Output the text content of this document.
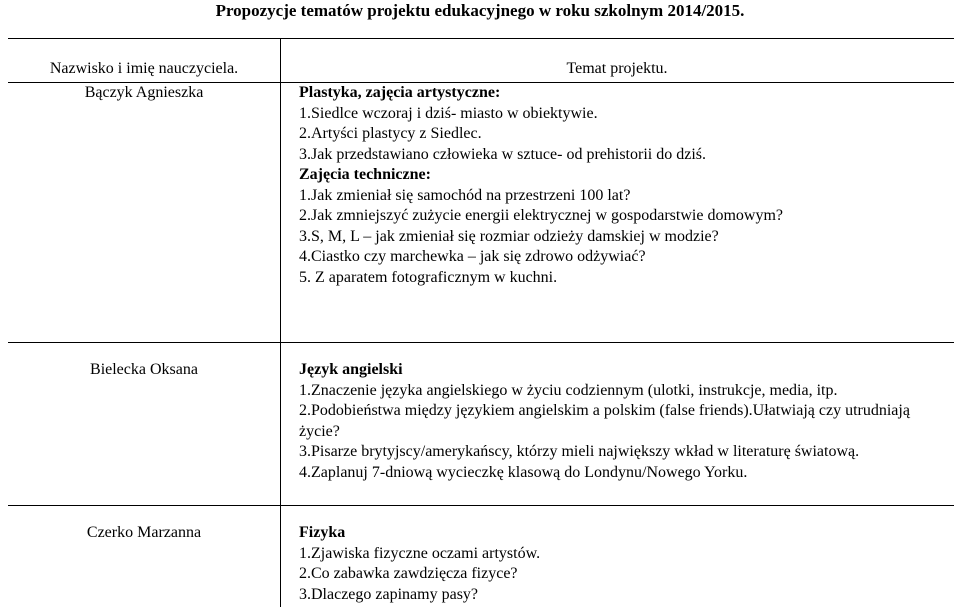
Propozycje tematów projektu edukacyjnego w roku szkolnym 2014/2015.
Nazwisko i imię nauczyciela.	Temat projektu.
Bączyk Agnieszka	Plastyka, zajęcia artystyczne:
1.Siedlce wczoraj i dziś- miasto w obiektywie.
2.Artyści plastycy z Siedlec.
3.Jak przedstawiano człowieka w sztuce- od prehistorii do dziś.
Zajęcia techniczne:
1.Jak zmieniał się samochód na przestrzeni 100 lat?
2.Jak zmniejszyć zużycie energii elektrycznej w gospodarstwie domowym?
3.S, M, L – jak zmieniał się rozmiar odzieży damskiej w modzie?
4.Ciastko czy marchewka – jak się zdrowo odżywiać?
5. Z aparatem fotograficznym w kuchni.
Bielecka Oksana	Język angielski
1.Znaczenie języka angielskiego w życiu codziennym (ulotki, instrukcje, media, itp.
2.Podobieństwa między językiem angielskim a polskim (false friends).Ułatwiają czy utrudniają życie?
3.Pisarze brytyjscy/amerykańscy, którzy mieli największy wkład w literaturę światową.
4.Zaplanuj 7-dniową wycieczkę klasową do Londynu/Nowego Yorku.
Czerko Marzanna	Fizyka
1.Zjawiska fizyczne oczami artystów.
2.Co zabawka zawdzięcza fizyce?
3.Dlaczego zapinamy pasy?
